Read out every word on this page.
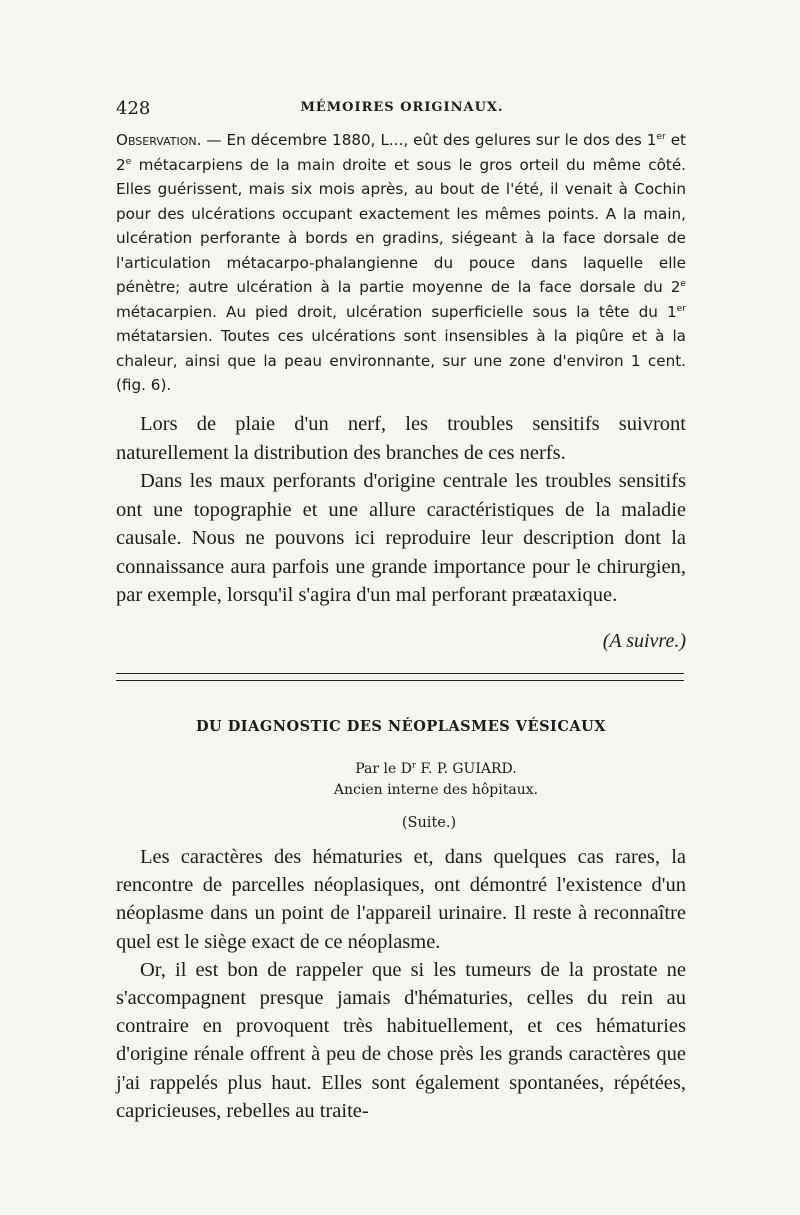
428	MÉMOIRES ORIGINAUX.

Observation. — En décembre 1880, L..., eût des gelures sur le dos des 1er et 2e métacarpiens de la main droite et sous le gros orteil du même côté. Elles guérissent, mais six mois après, au bout de l'été, il venait à Cochin pour des ulcérations occupant exactement les mêmes points. A la main, ulcération perforante à bords en gradins, siégeant à la face dorsale de l'articulation métacarpo-phalangienne du pouce dans laquelle elle pénètre; autre ulcération à la partie moyenne de la face dorsale du 2e métacarpien. Au pied droit, ulcération superficielle sous la tête du 1er métatarsien. Toutes ces ulcérations sont insensibles à la piqûre et à la chaleur, ainsi que la peau environnante, sur une zone d'environ 1 cent. (fig. 6).

Lors de plaie d'un nerf, les troubles sensitifs suivront naturellement la distribution des branches de ces nerfs.

Dans les maux perforants d'origine centrale les troubles sensitifs ont une topographie et une allure caractéristiques de la maladie causale. Nous ne pouvons ici reproduire leur description dont la connaissance aura parfois une grande importance pour le chirurgien, par exemple, lorsqu'il s'agira d'un mal perforant præataxique.

(A suivre.)
DU DIAGNOSTIC DES NÉOPLASMES VÉSICAUX
Par le $D^r$ F. P. GUIARD.
Ancien interne des hôpitaux.
(Suite.)

Les caractères des hématuries et, dans quelques cas rares, la rencontre de parcelles néoplasiques, ont démontré l'existence d'un néoplasme dans un point de l'appareil urinaire. Il reste à reconnaître quel est le siège exact de ce néoplasme.

Or, il est bon de rappeler que si les tumeurs de la prostate ne s'accompagnent presque jamais d'hématuries, celles du rein au contraire en provoquent très habituellement, et ces hématuries d'origine rénale offrent à peu de chose près les grands caractères que j'ai rappelés plus haut. Elles sont également spontanées, répétées, capricieuses, rebelles au traite-
